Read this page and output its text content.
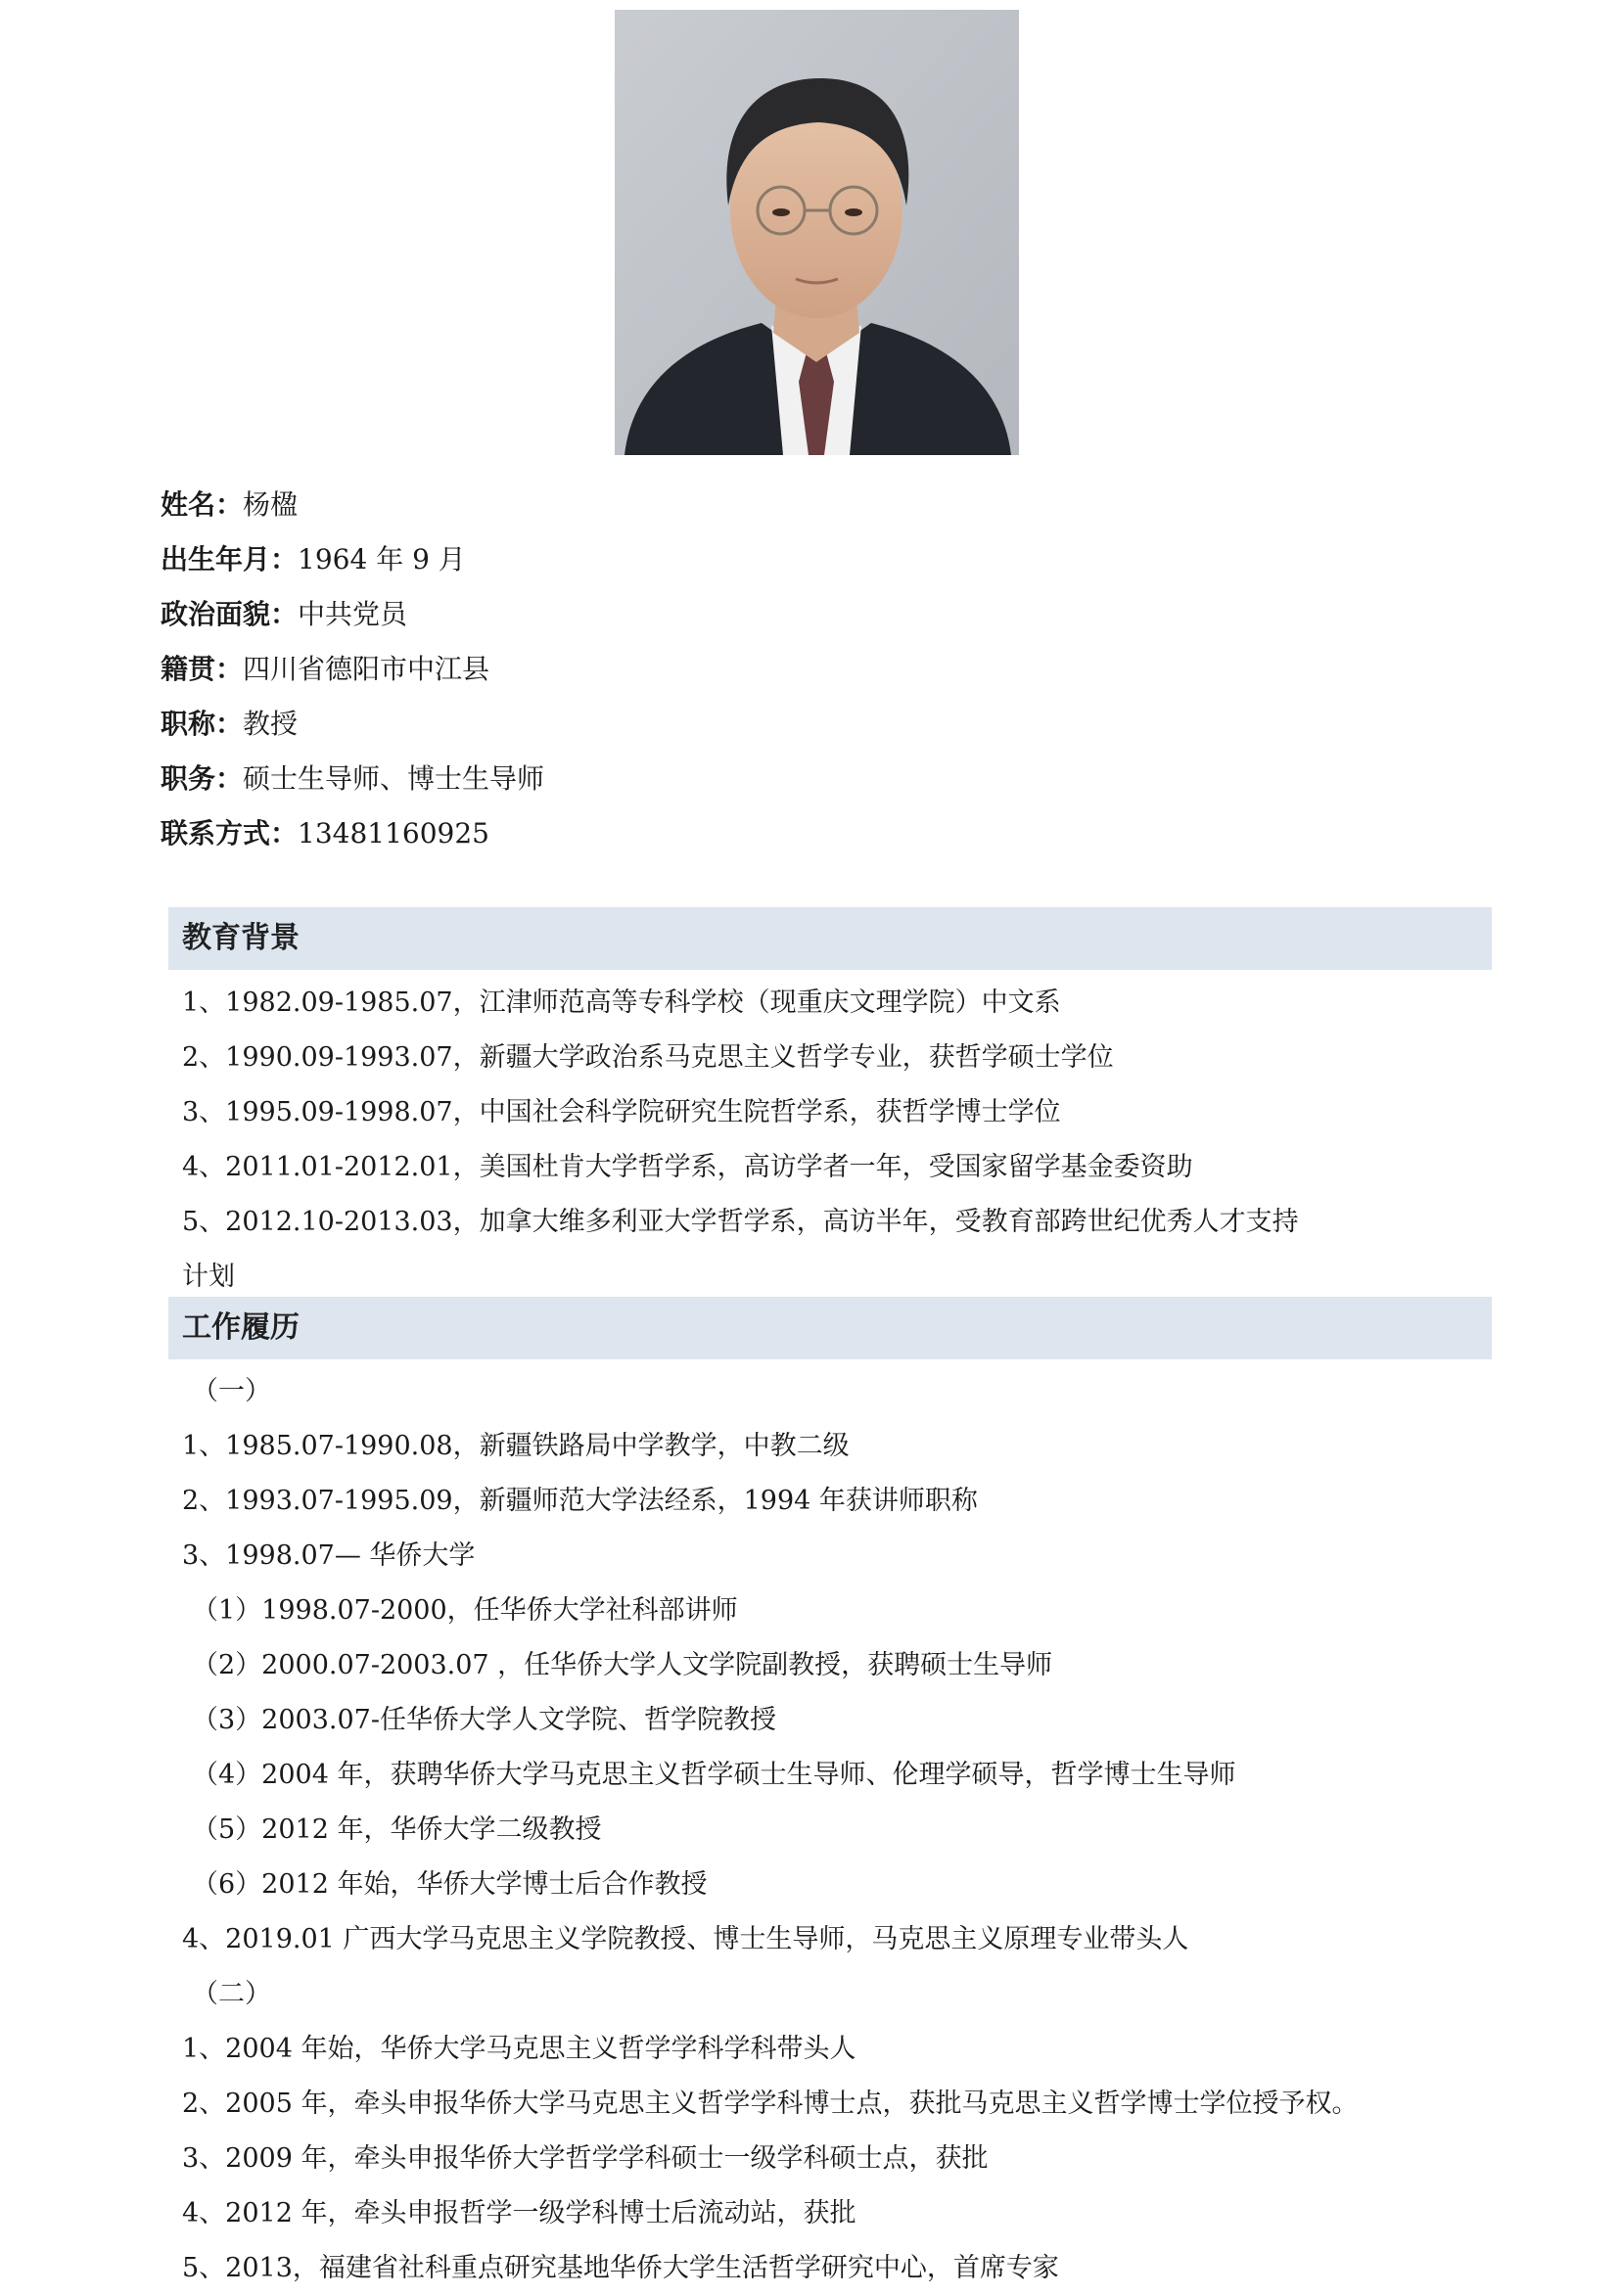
姓名：杨楹
出生年月：1964 年 9 月
政治面貌：中共党员
籍贯：四川省德阳市中江县
职称：教授
职务：硕士生导师、博士生导师
联系方式：13481160925
教育背景
1、1982.09-1985.07，江津师范高等专科学校（现重庆文理学院）中文系
2、1990.09-1993.07，新疆大学政治系马克思主义哲学专业，获哲学硕士学位
3、1995.09-1998.07，中国社会科学院研究生院哲学系，获哲学博士学位
4、2011.01-2012.01，美国杜肯大学哲学系，高访学者一年，受国家留学基金委资助
5、2012.10-2013.03，加拿大维多利亚大学哲学系，高访半年，受教育部跨世纪优秀人才支持
计划
工作履历
（一）
1、1985.07-1990.08，新疆铁路局中学教学，中教二级
2、1993.07-1995.09，新疆师范大学法经系，1994 年获讲师职称
3、1998.07— 华侨大学
（1）1998.07-2000，任华侨大学社科部讲师
（2）2000.07-2003.07 ，任华侨大学人文学院副教授，获聘硕士生导师
（3）2003.07-任华侨大学人文学院、哲学院教授
（4）2004 年，获聘华侨大学马克思主义哲学硕士生导师、伦理学硕导，哲学博士生导师
（5）2012 年，华侨大学二级教授
（6）2012 年始，华侨大学博士后合作教授
4、2019.01 广西大学马克思主义学院教授、博士生导师，马克思主义原理专业带头人
（二）
1、2004 年始，华侨大学马克思主义哲学学科学科带头人
2、2005 年，牵头申报华侨大学马克思主义哲学学科博士点，获批马克思主义哲学博士学位授予权。
3、2009 年，牵头申报华侨大学哲学学科硕士一级学科硕士点，获批
4、2012 年，牵头申报哲学一级学科博士后流动站，获批
5、2013，福建省社科重点研究基地华侨大学生活哲学研究中心，首席专家
